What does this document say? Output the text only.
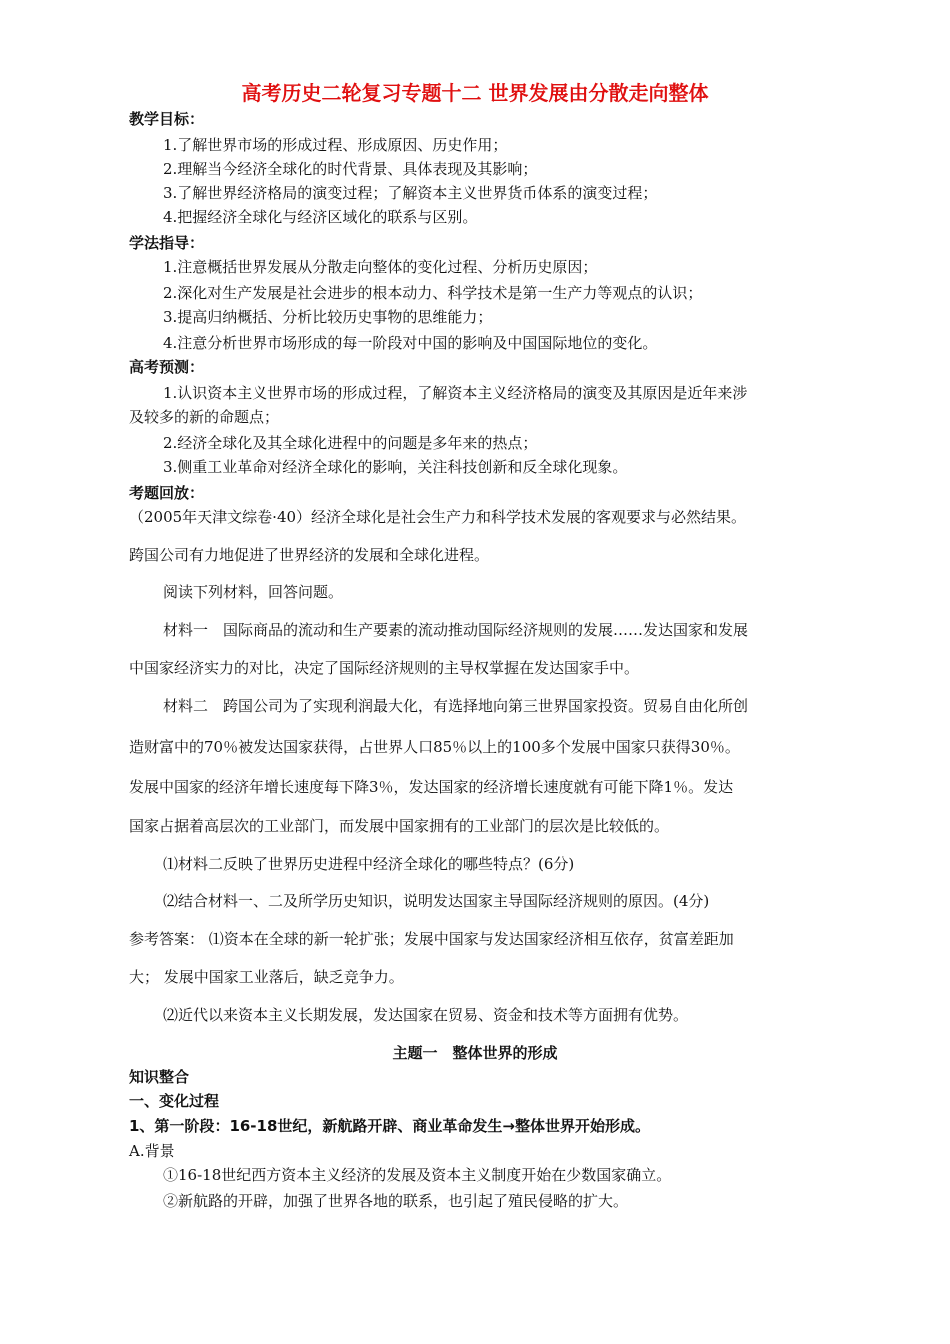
高考历史二轮复习专题十二 世界发展由分散走向整体
教学目标：
1.了解世界市场的形成过程、形成原因、历史作用；
2.理解当今经济全球化的时代背景、具体表现及其影响；
3.了解世界经济格局的演变过程；了解资本主义世界货币体系的演变过程；
4.把握经济全球化与经济区域化的联系与区别。
学法指导：
1.注意概括世界发展从分散走向整体的变化过程、分析历史原因；
2.深化对生产发展是社会进步的根本动力、科学技术是第一生产力等观点的认识；
3.提高归纳概括、分析比较历史事物的思维能力；
4.注意分析世界市场形成的每一阶段对中国的影响及中国国际地位的变化。
高考预测：
1.认识资本主义世界市场的形成过程，了解资本主义经济格局的演变及其原因是近年来涉
及较多的新的命题点；
2.经济全球化及其全球化进程中的问题是多年来的热点；
3.侧重工业革命对经济全球化的影响，关注科技创新和反全球化现象。
考题回放：
（2005年天津文综卷·40）经济全球化是社会生产力和科学技术发展的客观要求与必然结果。
跨国公司有力地促进了世界经济的发展和全球化进程。
阅读下列材料，回答问题。
材料一　国际商品的流动和生产要素的流动推动国际经济规则的发展……发达国家和发展
中国家经济实力的对比，决定了国际经济规则的主导权掌握在发达国家手中。
材料二　跨国公司为了实现利润最大化，有选择地向第三世界国家投资。贸易自由化所创
造财富中的70％被发达国家获得，占世界人口85％以上的100多个发展中国家只获得30％。
发展中国家的经济年增长速度每下降3％，发达国家的经济增长速度就有可能下降1％。发达
国家占据着高层次的工业部门，而发展中国家拥有的工业部门的层次是比较低的。
⑴材料二反映了世界历史进程中经济全球化的哪些特点？(6分)
⑵结合材料一、二及所学历史知识，说明发达国家主导国际经济规则的原因。(4分)
参考答案： ⑴资本在全球的新一轮扩张；发展中国家与发达国家经济相互依存，贫富差距加
大； 发展中国家工业落后，缺乏竞争力。
⑵近代以来资本主义长期发展，发达国家在贸易、资金和技术等方面拥有优势。
主题一　整体世界的形成
知识整合
一、变化过程
1、第一阶段：16-18世纪，新航路开辟、商业革命发生→整体世界开始形成。
A.背景
①16-18世纪西方资本主义经济的发展及资本主义制度开始在少数国家确立。
②新航路的开辟，加强了世界各地的联系，也引起了殖民侵略的扩大。
